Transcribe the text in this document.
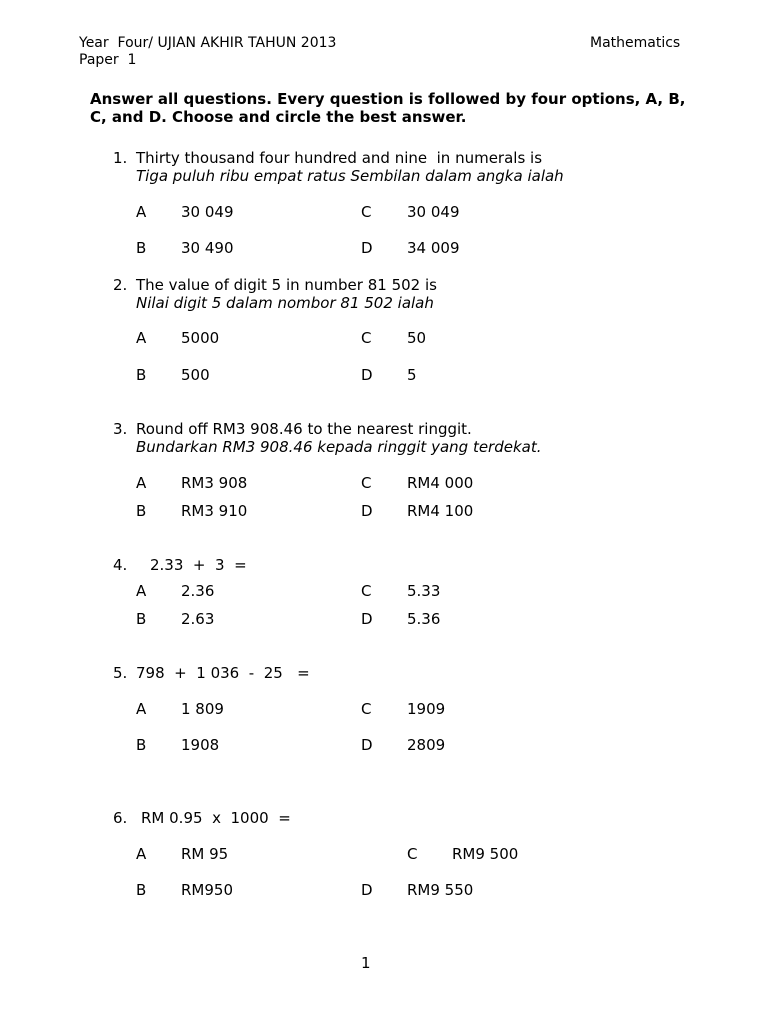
Year  Four/ UJIAN AKHIR TAHUN 2013
Paper  1
Mathematics
Answer all questions. Every question is followed by four options, A, B,
C, and D. Choose and circle the best answer.
1. Thirty thousand four hundred and nine  in numerals is
Tiga puluh ribu empat ratus Sembilan dalam angka ialah
A 30 049
B 30 490
C 30 049
D 34 009
2. The value of digit 5 in number 81 502 is
Nilai digit 5 dalam nombor 81 502 ialah
A 5000
B 500
C 50
D 5
3. Round off RM3 908.46 to the nearest ringgit.
Bundarkan RM3 908.46 kepada ringgit yang terdekat.
A RM3 908
B RM3 910
C RM4 000
D RM4 100
4. 2.33  +  3  =
A 2.36
B 2.63
C 5.33
D 5.36
5. 798  +  1 036  -  25   =
A 1 809
B 1908
C 1909
D 2809
6. RM 0.95  x  1000  =
A RM 95
B RM950
C RM9 500
D RM9 550
1
